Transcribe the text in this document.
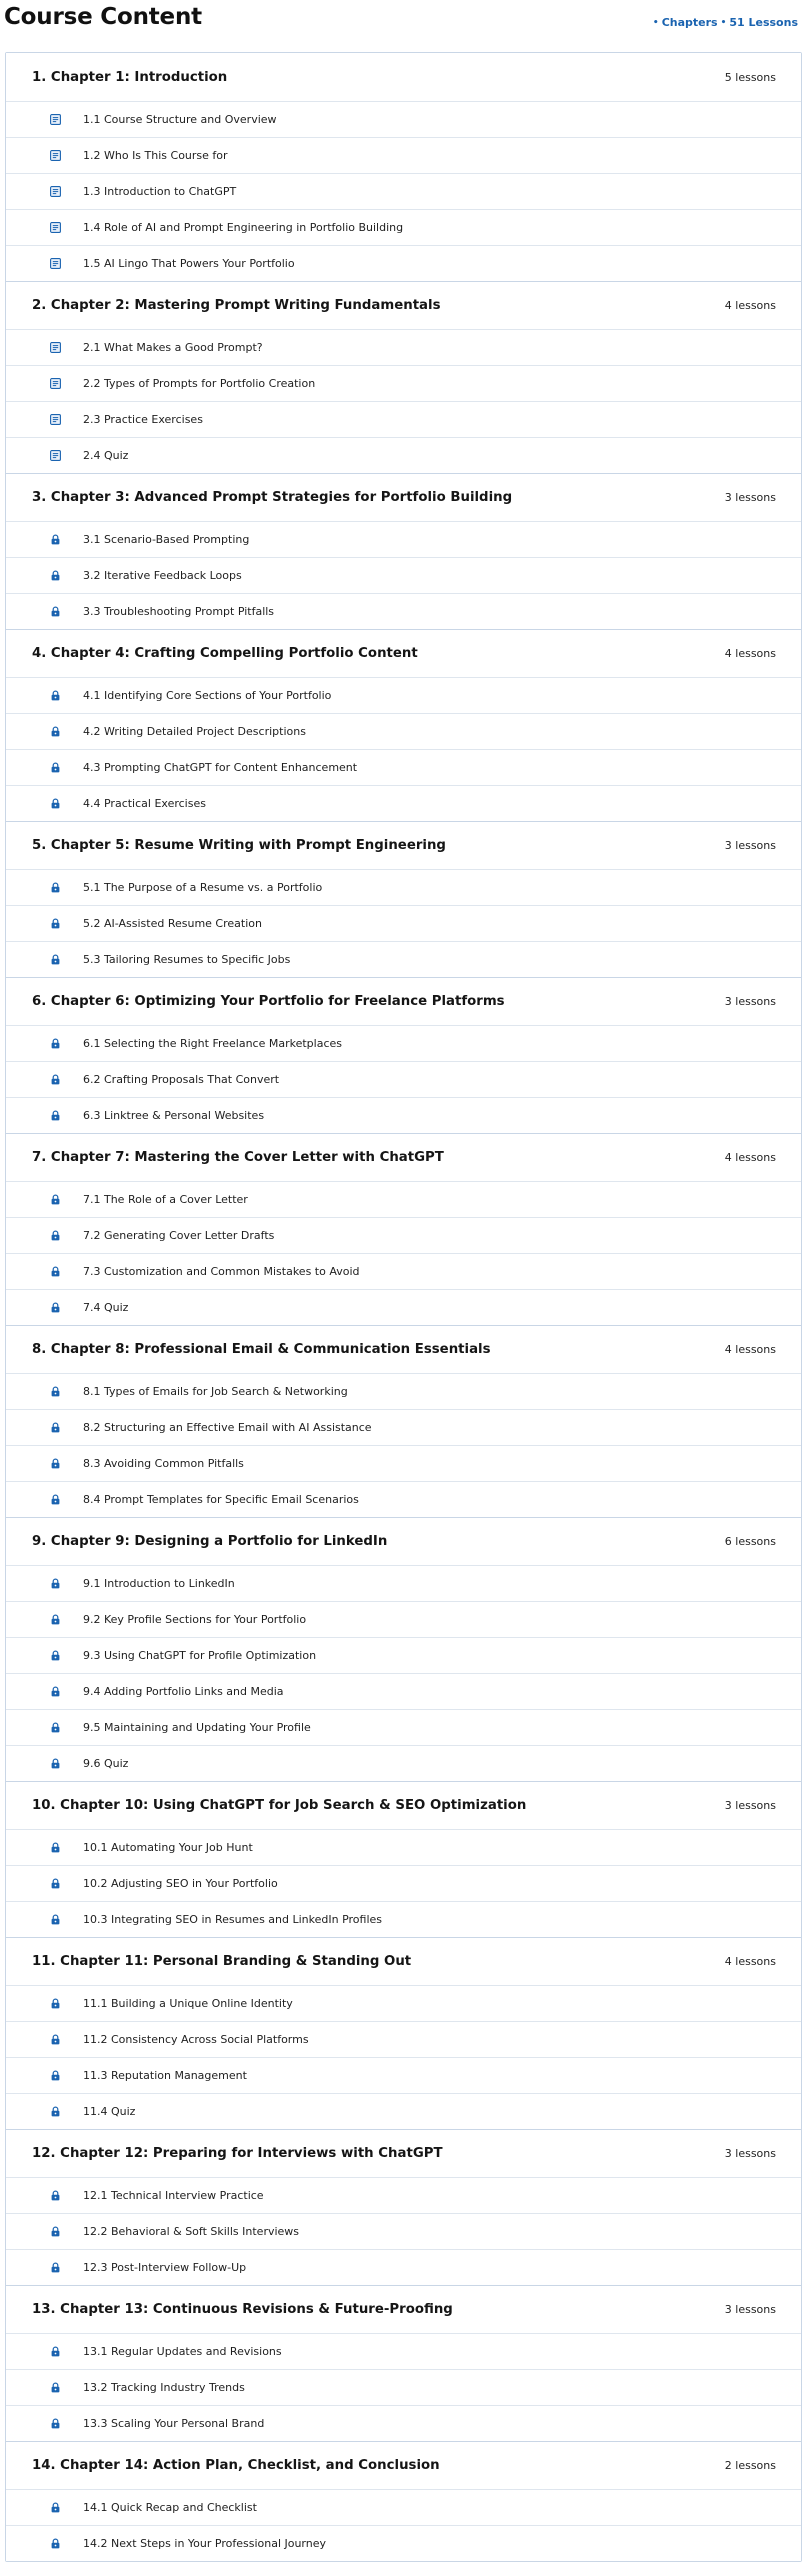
Course Content	• Chapters • 51 Lessons
1. Chapter 1: Introduction	5 lessons
1.1 Course Structure and Overview
1.2 Who Is This Course for
1.3 Introduction to ChatGPT
1.4 Role of AI and Prompt Engineering in Portfolio Building
1.5 AI Lingo That Powers Your Portfolio
2. Chapter 2: Mastering Prompt Writing Fundamentals	4 lessons
2.1 What Makes a Good Prompt?
2.2 Types of Prompts for Portfolio Creation
2.3 Practice Exercises
2.4 Quiz
3. Chapter 3: Advanced Prompt Strategies for Portfolio Building	3 lessons
3.1 Scenario-Based Prompting
3.2 Iterative Feedback Loops
3.3 Troubleshooting Prompt Pitfalls
4. Chapter 4: Crafting Compelling Portfolio Content	4 lessons
4.1 Identifying Core Sections of Your Portfolio
4.2 Writing Detailed Project Descriptions
4.3 Prompting ChatGPT for Content Enhancement
4.4 Practical Exercises
5. Chapter 5: Resume Writing with Prompt Engineering	3 lessons
5.1 The Purpose of a Resume vs. a Portfolio
5.2 AI-Assisted Resume Creation
5.3 Tailoring Resumes to Specific Jobs
6. Chapter 6: Optimizing Your Portfolio for Freelance Platforms	3 lessons
6.1 Selecting the Right Freelance Marketplaces
6.2 Crafting Proposals That Convert
6.3 Linktree & Personal Websites
7. Chapter 7: Mastering the Cover Letter with ChatGPT	4 lessons
7.1 The Role of a Cover Letter
7.2 Generating Cover Letter Drafts
7.3 Customization and Common Mistakes to Avoid
7.4 Quiz
8. Chapter 8: Professional Email & Communication Essentials	4 lessons
8.1 Types of Emails for Job Search & Networking
8.2 Structuring an Effective Email with AI Assistance
8.3 Avoiding Common Pitfalls
8.4 Prompt Templates for Specific Email Scenarios
9. Chapter 9: Designing a Portfolio for LinkedIn	6 lessons
9.1 Introduction to LinkedIn
9.2 Key Profile Sections for Your Portfolio
9.3 Using ChatGPT for Profile Optimization
9.4 Adding Portfolio Links and Media
9.5 Maintaining and Updating Your Profile
9.6 Quiz
10. Chapter 10: Using ChatGPT for Job Search & SEO Optimization	3 lessons
10.1 Automating Your Job Hunt
10.2 Adjusting SEO in Your Portfolio
10.3 Integrating SEO in Resumes and LinkedIn Profiles
11. Chapter 11: Personal Branding & Standing Out	4 lessons
11.1 Building a Unique Online Identity
11.2 Consistency Across Social Platforms
11.3 Reputation Management
11.4 Quiz
12. Chapter 12: Preparing for Interviews with ChatGPT	3 lessons
12.1 Technical Interview Practice
12.2 Behavioral & Soft Skills Interviews
12.3 Post-Interview Follow-Up
13. Chapter 13: Continuous Revisions & Future-Proofing	3 lessons
13.1 Regular Updates and Revisions
13.2 Tracking Industry Trends
13.3 Scaling Your Personal Brand
14. Chapter 14: Action Plan, Checklist, and Conclusion	2 lessons
14.1 Quick Recap and Checklist
14.2 Next Steps in Your Professional Journey
